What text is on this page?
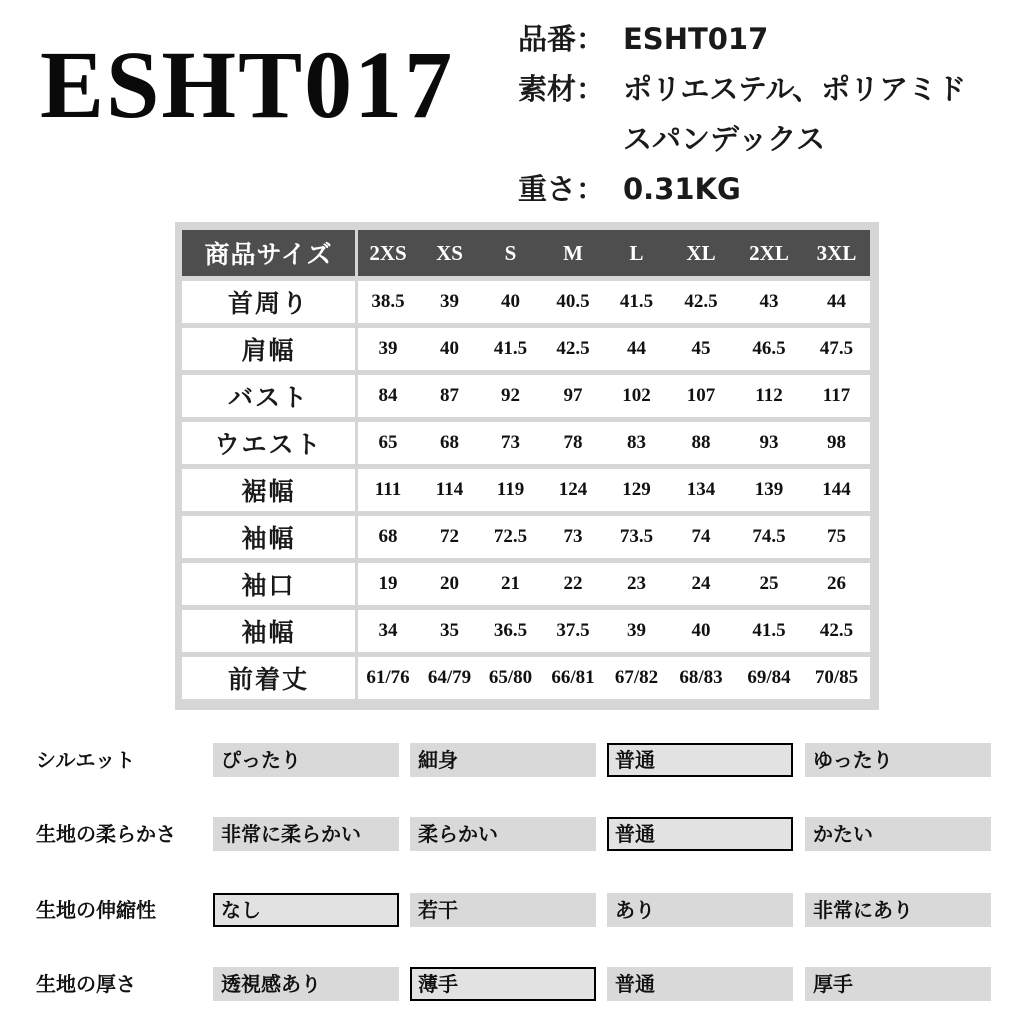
ESHT017	品番： ESHT017
素材： ポリエステル、ポリアミド
スパンデックス
重さ： 0.31KG
商品サイズ	2XS	XS	S	M	L	XL	2XL	3XL
首周り	38.5	39	40	40.5	41.5	42.5	43	44
肩幅	39	40	41.5	42.5	44	45	46.5	47.5
バスト	84	87	92	97	102	107	112	117
ウエスト	65	68	73	78	83	88	93	98
裾幅	111	114	119	124	129	134	139	144
袖幅	68	72	72.5	73	73.5	74	74.5	75
袖口	19	20	21	22	23	24	25	26
袖幅	34	35	36.5	37.5	39	40	41.5	42.5
前着丈	61/76	64/79	65/80	66/81	67/82	68/83	69/84	70/85
シルエット	ぴったり	細身	普通	ゆったり
生地の柔らかさ	非常に柔らかい	柔らかい	普通	かたい
生地の伸縮性	なし	若干	あり	非常にあり
生地の厚さ	透視感あり	薄手	普通	厚手
